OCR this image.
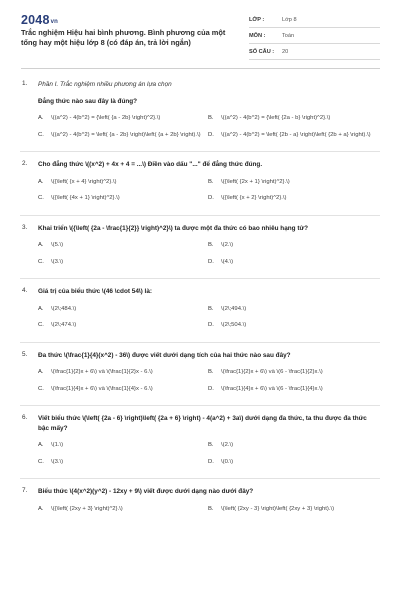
2048vn
Trắc nghiệm Hiệu hai bình phương. Bình phương của một tổng hay một hiệu lớp 8 (có đáp án, trả lời ngắn)
LỚP :	Lớp 8
MÔN :	Toán
SỐ CÂU :	20
1. Phần I. Trắc nghiệm nhiều phương án lựa chọn
Đẳng thức nào sau đây là đúng?
A.	\((a^2) - 4(b^2) = {\left( {a - 2b} \right)^2}.\)	B.	\((a^2) - 4(b^2) = {\left( {2a - b} \right)^2}.\)
C.	\((a^2) - 4(b^2) = \left( {a - 2b} \right)\left( {a + 2b} \right).\)	D.	\((a^2) - 4(b^2) = \left( {2b - a} \right)\left( {2b + a} \right).\)
2. Cho đẳng thức \((x^2) + 4x + 4 = ...\) Điền vào dấu "..." để đẳng thức đúng.
A.	\({\left( {x + 4} \right)^2}.\)	B.	\({\left( {2x + 1} \right)^2}.\)
C.	\({\left( {4x + 1} \right)^2}.\)	D.	\({\left( {x + 2} \right)^2}.\)
3. Khai triển \({\left( {2a - \frac{1}{2}} \right)^2}\) ta được một đa thức có bao nhiêu hạng tử?
A.	\(5.\)	B.	\(2.\)
C.	\(3.\)	D.	\(4.\)
4. Giá trị của biểu thức \(46 \cdot 54\) là:
A.	\(2\;484.\)	B.	\(2\;494.\)
C.	\(2\;474.\)	D.	\(2\;504.\)
5. Đa thức \(\frac{1}{4}(x^2) - 36\) được viết dưới dạng tích của hai thức nào sau đây?
A.	\(\frac{1}{2}x + 6\) và \(\frac{1}{2}x - 6.\)	B.	\(\frac{1}{2}x + 6\) và \(6 - \frac{1}{2}x.\)
C.	\(\frac{1}{4}x + 6\) và \(\frac{1}{4}x - 6.\)	D.	\(\frac{1}{4}x + 6\) và \(6 - \frac{1}{4}x.\)
6. Viết biểu thức \(\left( {2a - 6} \right)\left( {2a + 6} \right) - 4(a^2) + 3a\) dưới dạng đa thức, ta thu được đa thức bậc mấy?
A.	\(1.\)	B.	\(2.\)
C.	\(3.\)	D.	\(0.\)
7. Biểu thức \(4(x^2)(y^2) - 12xy + 9\) viết được dưới dạng nào dưới đây?
A.	\({\left( {2xy + 3} \right)^2}.\)	B.	\(\left( {2xy - 3} \right)\left( {2xy + 3} \right).\)
